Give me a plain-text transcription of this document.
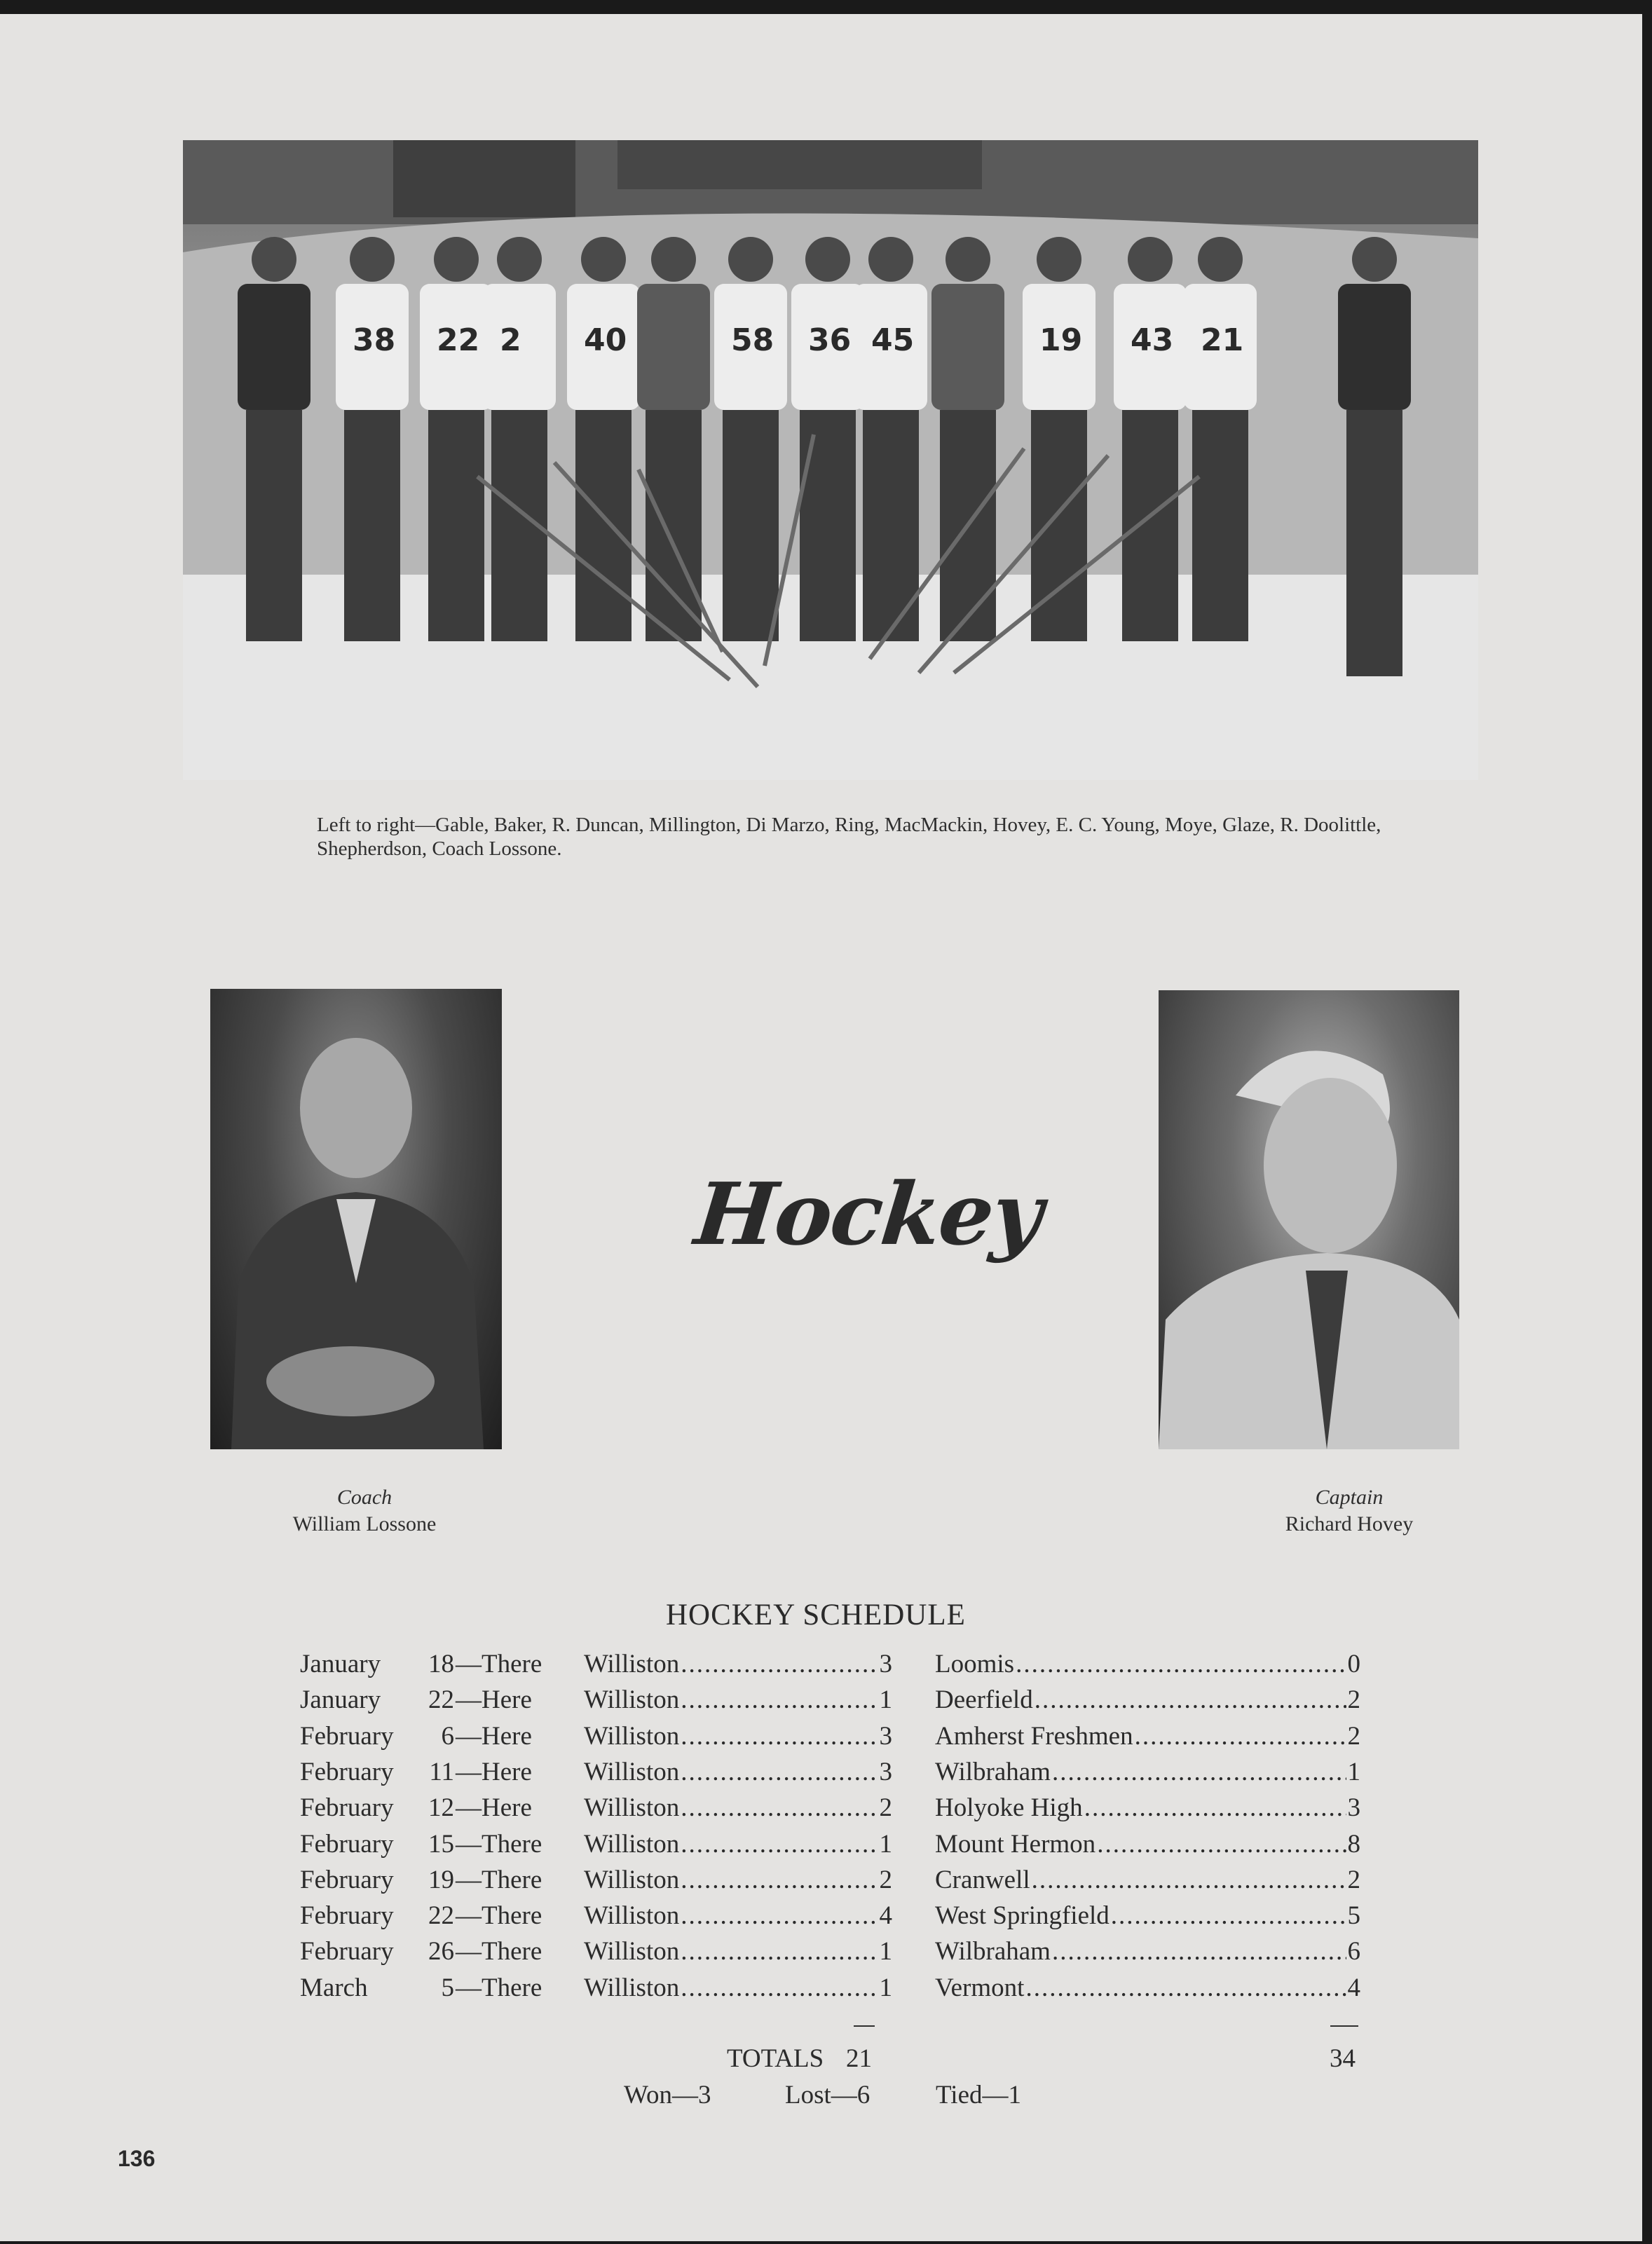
38 22 2 40	58 36 45	19 43 21
Left to right—Gable, Baker, R. Duncan, Millington, Di Marzo, Ring, MacMackin, Hovey, E. C. Young, Moye, Glaze, R. Doolittle, Shepherdson, Coach Lossone.
Coach
William Lossone
Hockey
Captain
Richard Hovey
HOCKEY SCHEDULE
January	18 —There Williston .....	3 Loomis .....	0
January	22 —Here Williston .....	1 Deerfield .....	2
February	6 —Here Williston .....	3 Amherst Freshmen .....	2
February	11 —Here Williston .....	3 Wilbraham .....	1
February	12 —Here Williston .....	2 Holyoke High .....	3
February	15 —There Williston .....	1 Mount Hermon .....	8
February	19 —There Williston .....	2 Cranwell .....	2
February	22 —There Williston .....	4 West Springfield .....	5
February	26 —There Williston .....	1 Wilbraham .....	6
March	5 —There Williston .....	1 Vermont .....	4
TOTALS 21	34
Won—3	Lost—6	Tied—1
136
